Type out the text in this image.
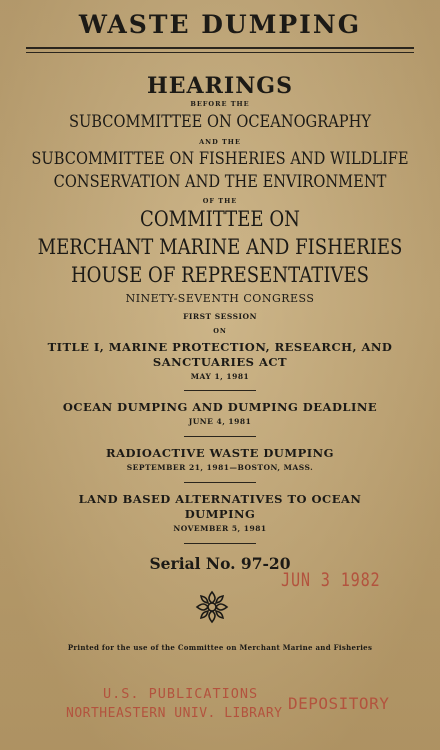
WASTE DUMPING
HEARINGS
BEFORE THE
SUBCOMMITTEE ON OCEANOGRAPHY
AND THE
SUBCOMMITTEE ON FISHERIES AND WILDLIFE
CONSERVATION AND THE ENVIRONMENT
OF THE
COMMITTEE ON
MERCHANT MARINE AND FISHERIES
HOUSE OF REPRESENTATIVES
NINETY-SEVENTH CONGRESS
FIRST SESSION
ON
TITLE I, MARINE PROTECTION, RESEARCH, AND
SANCTUARIES ACT
MAY 1, 1981
OCEAN DUMPING AND DUMPING DEADLINE
JUNE 4, 1981
RADIOACTIVE WASTE DUMPING
SEPTEMBER 21, 1981—BOSTON, MASS.
LAND BASED ALTERNATIVES TO OCEAN
DUMPING
NOVEMBER 5, 1981
Serial No. 97-20
JUN 3 1982
Printed for the use of the Committee on Merchant Marine and Fisheries
U.S. PUBLICATIONS
NORTHEASTERN UNIV. LIBRARY
DEPOSITORY
